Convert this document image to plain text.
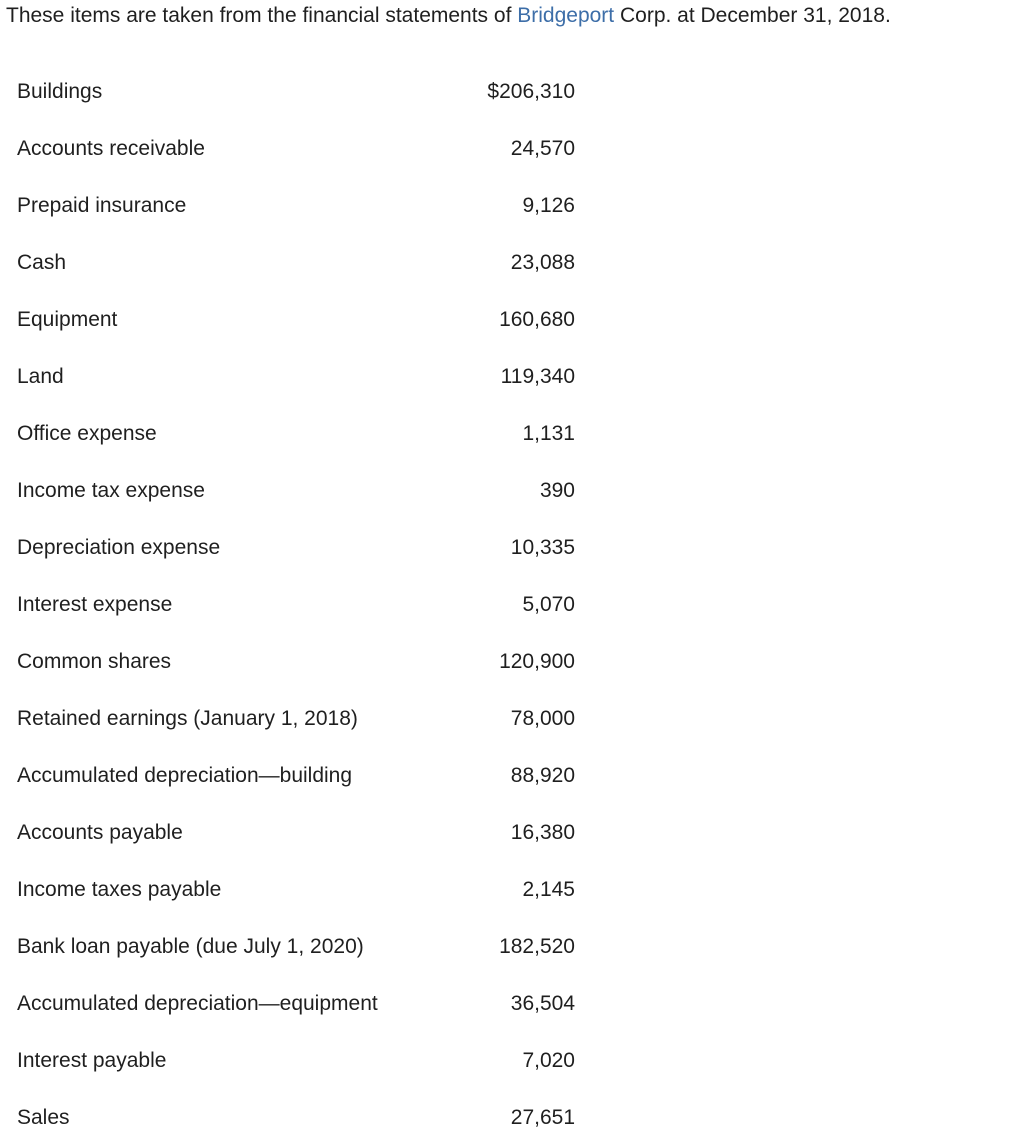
These items are taken from the financial statements of Bridgeport Corp. at December 31, 2018.
Buildings	$206,310
Accounts receivable	24,570
Prepaid insurance	9,126
Cash	23,088
Equipment	160,680
Land	119,340
Office expense	1,131
Income tax expense	390
Depreciation expense	10,335
Interest expense	5,070
Common shares	120,900
Retained earnings (January 1, 2018)	78,000
Accumulated depreciation—building	88,920
Accounts payable	16,380
Income taxes payable	2,145
Bank loan payable (due July 1, 2020)	182,520
Accumulated depreciation—equipment	36,504
Interest payable	7,020
Sales	27,651
